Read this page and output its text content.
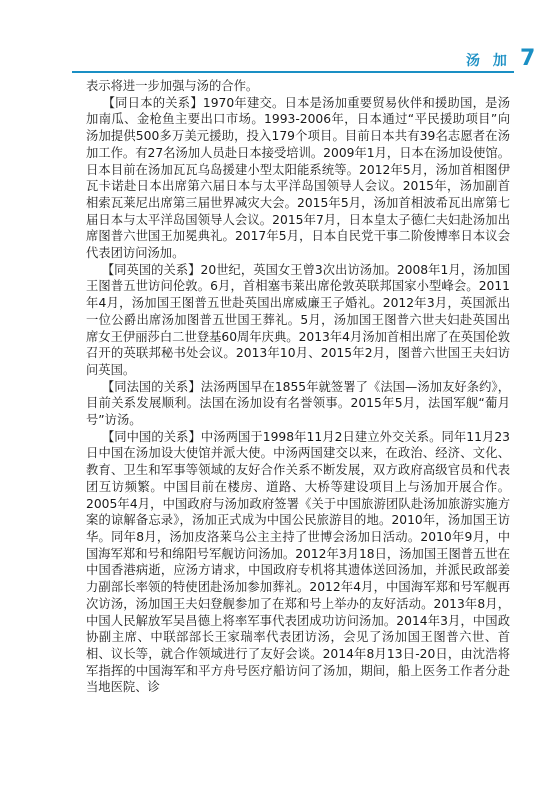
汤 加 7

表示将进一步加强与汤的合作。

【同日本的关系】1970年建交。日本是汤加重要贸易伙伴和援助国，是汤加南瓜、金枪鱼主要出口市场。1993-2006年，日本通过“平民援助项目”向汤加提供500多万美元援助，投入179个项目。目前日本共有39名志愿者在汤加工作。有27名汤加人员赴日本接受培训。2009年1月，日本在汤加设使馆。日本目前在汤加瓦瓦乌岛援建小型太阳能系统等。2012年5月，汤加首相图伊瓦卡诺赴日本出席第六届日本与太平洋岛国领导人会议。2015年，汤加副首相索瓦莱尼出席第三届世界减灾大会。2015年5月，汤加首相波希瓦出席第七届日本与太平洋岛国领导人会议。2015年7月，日本皇太子德仁夫妇赴汤加出席图普六世国王加冕典礼。2017年5月，日本自民党干事二阶俊博率日本议会代表团访问汤加。

【同英国的关系】20世纪，英国女王曾3次出访汤加。2008年1月，汤加国王图普五世访问伦敦。6月，首相塞韦莱出席伦敦英联邦国家小型峰会。2011年4月，汤加国王图普五世赴英国出席威廉王子婚礼。2012年3月，英国派出一位公爵出席汤加图普五世国王葬礼。5月，汤加国王图普六世夫妇赴英国出席女王伊丽莎白二世登基60周年庆典。2013年4月汤加首相出席了在英国伦敦召开的英联邦秘书处会议。2013年10月、2015年2月，图普六世国王夫妇访问英国。

【同法国的关系】法汤两国早在1855年就签署了《法国—汤加友好条约》，目前关系发展顺利。法国在汤加设有名誉领事。2015年5月，法国军舰“葡月号”访汤。

【同中国的关系】中汤两国于1998年11月2日建立外交关系。同年11月23日中国在汤加设大使馆并派大使。中汤两国建交以来，在政治、经济、文化、教育、卫生和军事等领域的友好合作关系不断发展，双方政府高级官员和代表团互访频繁。中国目前在楼房、道路、大桥等建设项目上与汤加开展合作。2005年4月，中国政府与汤加政府签署《关于中国旅游团队赴汤加旅游实施方案的谅解备忘录》，汤加正式成为中国公民旅游目的地。2010年，汤加国王访华。同年8月，汤加皮洛莱乌公主主持了世博会汤加日活动。2010年9月，中国海军郑和号和绵阳号军舰访问汤加。2012年3月18日，汤加国王图普五世在中国香港病逝，应汤方请求，中国政府专机将其遗体送回汤加，并派民政部姜力副部长率领的特使团赴汤加参加葬礼。2012年4月，中国海军郑和号军舰再次访汤，汤加国王夫妇登舰参加了在郑和号上举办的友好活动。2013年8月，中国人民解放军吴昌德上将率军事代表团成功访问汤加。2014年3月，中国政协副主席、中联部部长王家瑞率代表团访汤，会见了汤加国王图普六世、首相、议长等，就合作领域进行了友好会谈。2014年8月13日-20日，由沈浩将军指挥的中国海军和平方舟号医疗船访问了汤加，期间，船上医务工作者分赴当地医院、诊
